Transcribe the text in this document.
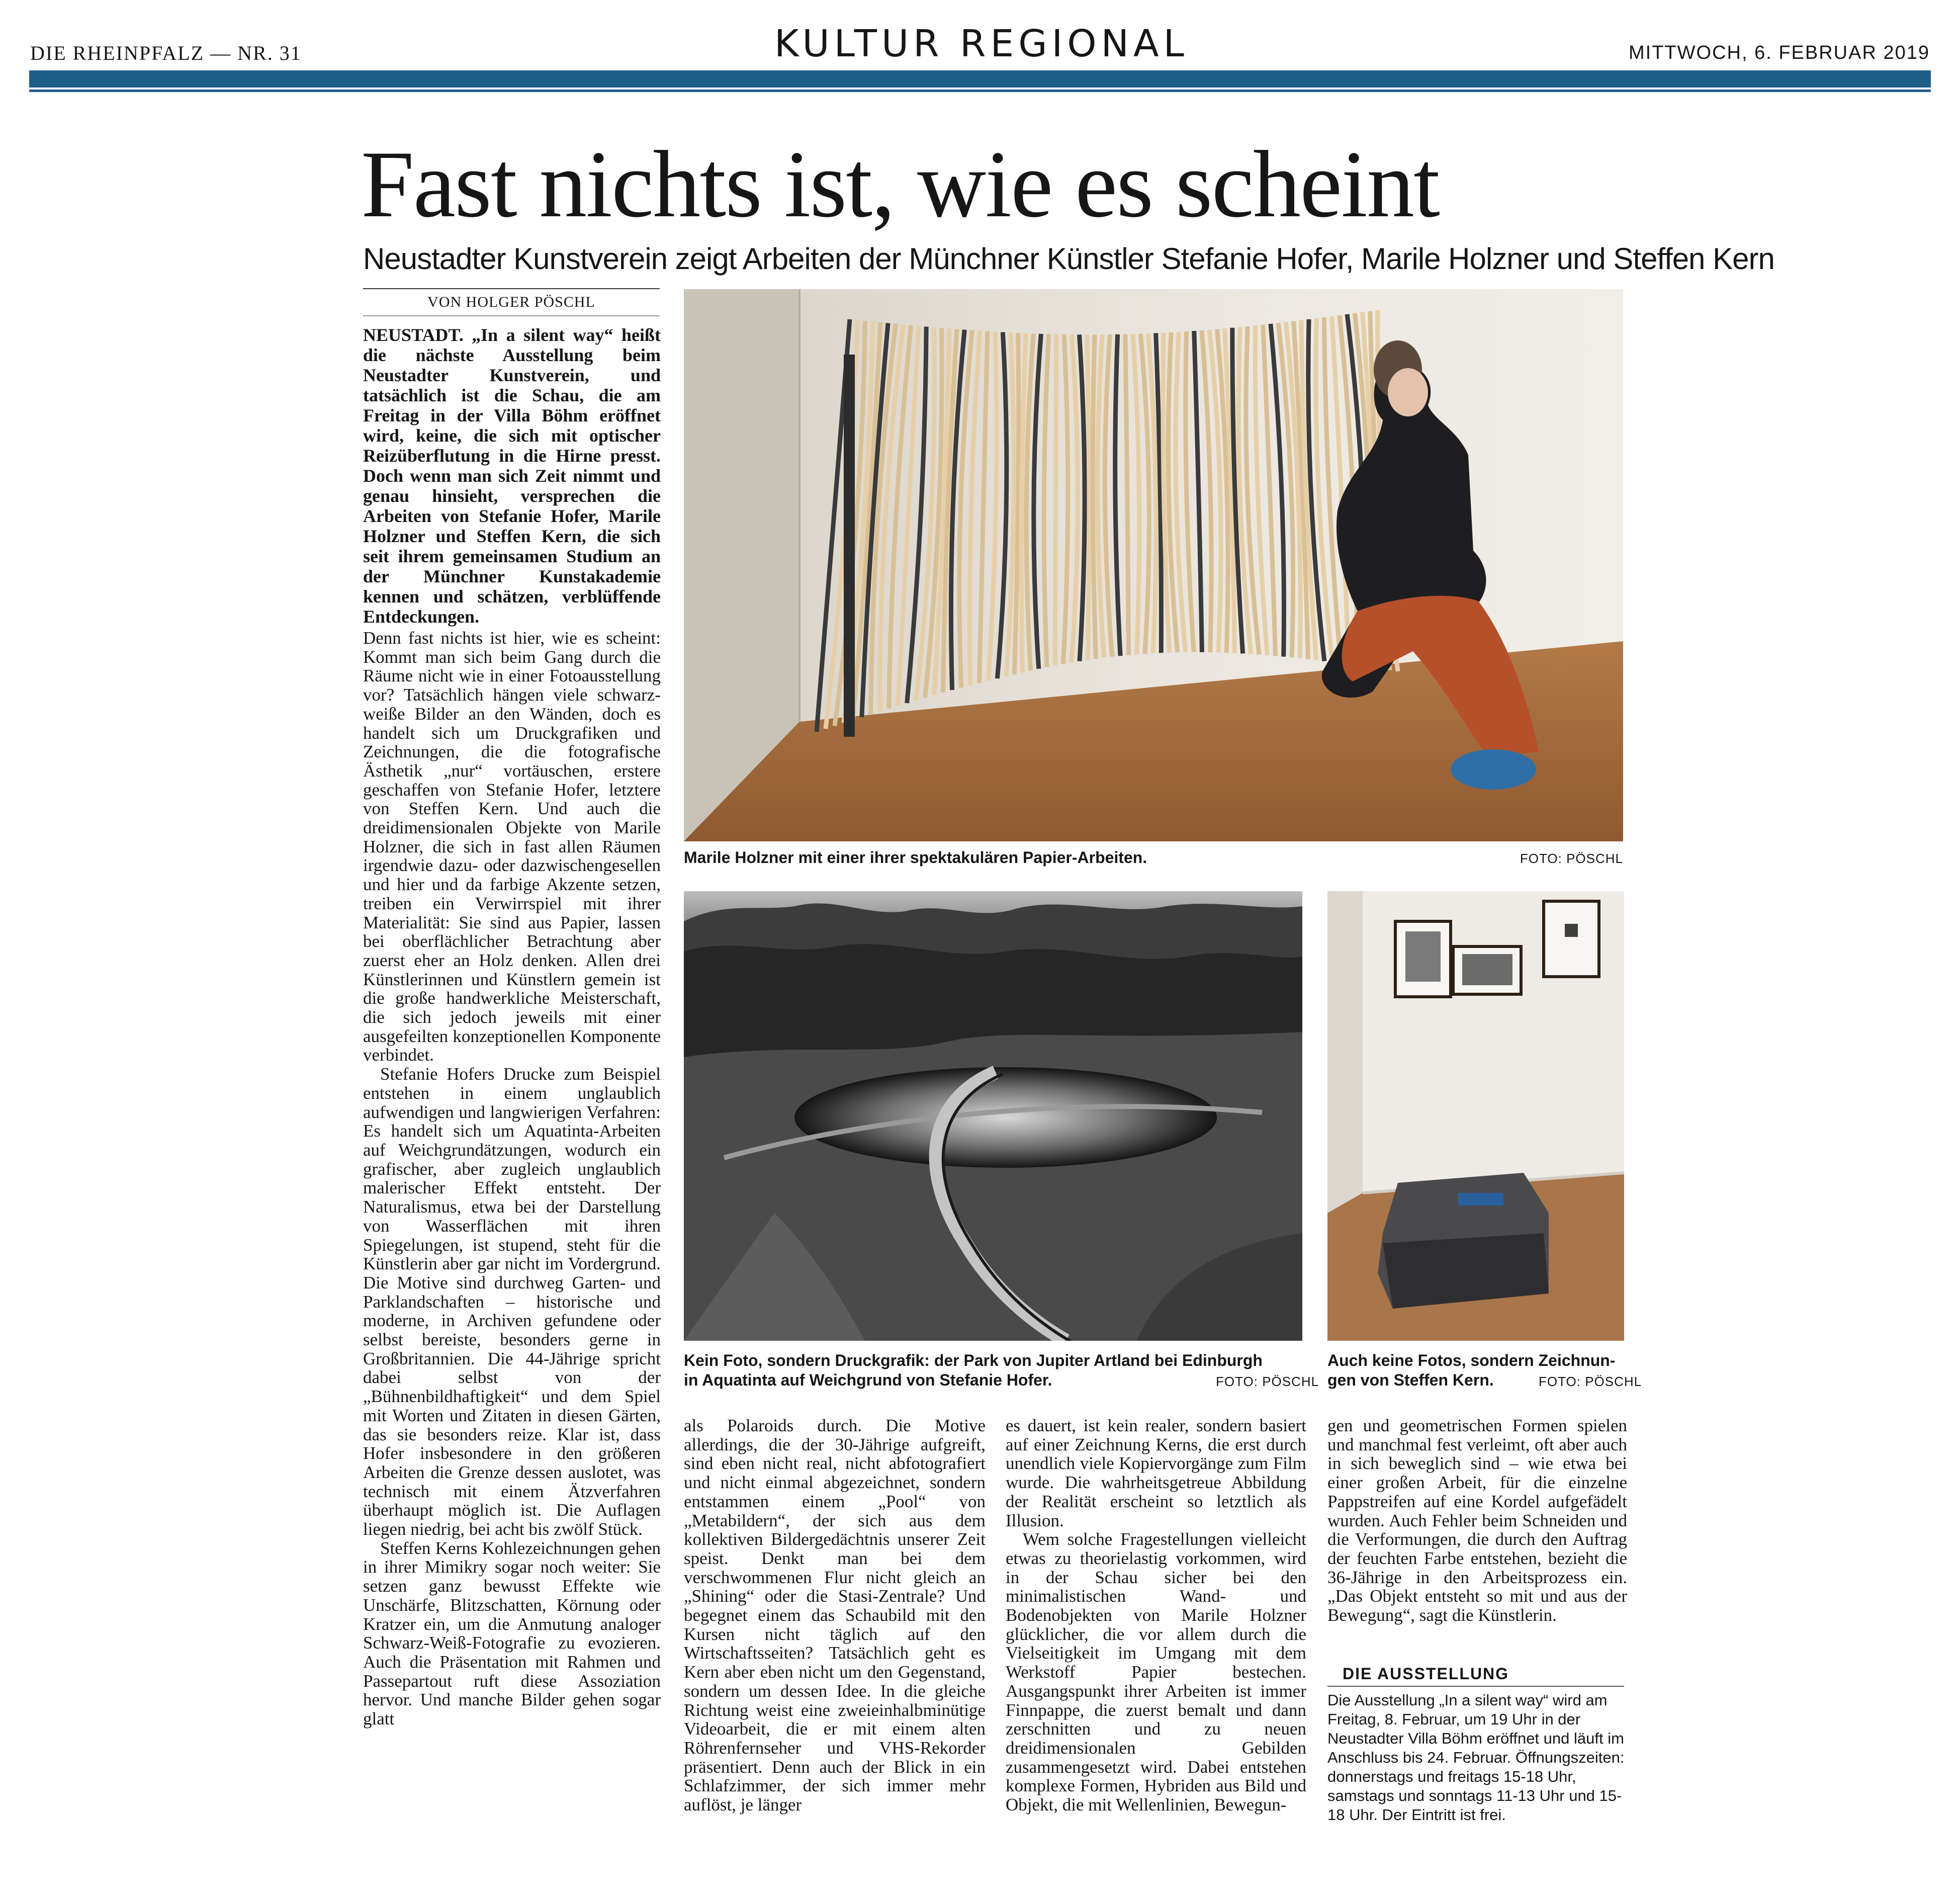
DIE RHEINPFALZ — NR. 31	KULTUR REGIONAL	MITTWOCH, 6. FEBRUAR 2019
Fast nichts ist, wie es scheint
Neustadter Kunstverein zeigt Arbeiten der Münchner Künstler Stefanie Hofer, Marile Holzner und Steffen Kern
VON HOLGER PÖSCHL
NEUSTADT. „In a silent way“ heißt die nächste Ausstellung beim Neustadter Kunstverein, und tatsächlich ist die Schau, die am Freitag in der Villa Böhm eröffnet wird, keine, die sich mit optischer Reizüberflutung in die Hirne presst. Doch wenn man sich Zeit nimmt und genau hinsieht, versprechen die Arbeiten von Stefanie Hofer, Marile Holzner und Steffen Kern, die sich seit ihrem gemeinsamen Studium an der Münchner Kunstakademie kennen und schätzen, verblüffende Entdeckungen.

Denn fast nichts ist hier, wie es scheint: Kommt man sich beim Gang durch die Räume nicht wie in einer Fotoausstellung vor? Tatsächlich hängen viele schwarz-weiße Bilder an den Wänden, doch es handelt sich um Druckgrafiken und Zeichnungen, die die fotografische Ästhetik „nur“ vortäuschen, erstere geschaffen von Stefanie Hofer, letztere von Steffen Kern. Und auch die dreidimensionalen Objekte von Marile Holzner, die sich in fast allen Räumen irgendwie dazu- oder dazwischengesellen und hier und da farbige Akzente setzen, treiben ein Verwirrspiel mit ihrer Materialität: Sie sind aus Papier, lassen bei oberflächlicher Betrachtung aber zuerst eher an Holz denken. Allen drei Künstlerinnen und Künstlern gemein ist die große handwerkliche Meisterschaft, die sich jedoch jeweils mit einer ausgefeilten konzeptionellen Komponente verbindet.

Stefanie Hofers Drucke zum Beispiel entstehen in einem unglaublich aufwendigen und langwierigen Verfahren: Es handelt sich um Aquatinta-Arbeiten auf Weichgrundätzungen, wodurch ein grafischer, aber zugleich unglaublich malerischer Effekt entsteht. Der Naturalismus, etwa bei der Darstellung von Wasserflächen mit ihren Spiegelungen, ist stupend, steht für die Künstlerin aber gar nicht im Vordergrund. Die Motive sind durchweg Garten- und Parklandschaften – historische und moderne, in Archiven gefundene oder selbst bereiste, besonders gerne in Großbritannien. Die 44-Jährige spricht dabei selbst von der „Bühnenbildhaftigkeit“ und dem Spiel mit Worten und Zitaten in diesen Gärten, das sie besonders reize. Klar ist, dass Hofer insbesondere in den größeren Arbeiten die Grenze dessen auslotet, was technisch mit einem Ätzverfahren überhaupt möglich ist. Die Auflagen liegen niedrig, bei acht bis zwölf Stück.

Steffen Kerns Kohlezeichnungen gehen in ihrer Mimikry sogar noch weiter: Sie setzen ganz bewusst Effekte wie Unschärfe, Blitzschatten, Körnung oder Kratzer ein, um die Anmutung analoger Schwarz-Weiß-Fotografie zu evozieren. Auch die Präsentation mit Rahmen und Passepartout ruft diese Assoziation hervor. Und manche Bilder gehen sogar glatt

Marile Holzner mit einer ihrer spektakulären Papier-Arbeiten.	FOTO: PÖSCHL
Kein Foto, sondern Druckgrafik: der Park von Jupiter Artland bei Edinburgh
in Aquatinta auf Weichgrund von Stefanie Hofer.	FOTO: PÖSCHL
Auch keine Fotos, sondern Zeichnun-
gen von Steffen Kern.	FOTO: PÖSCHL

als Polaroids durch. Die Motive allerdings, die der 30-Jährige aufgreift, sind eben nicht real, nicht abfotografiert und nicht einmal abgezeichnet, sondern entstammen einem „Pool“ von „Metabildern“, der sich aus dem kollektiven Bildergedächtnis unserer Zeit speist. Denkt man bei dem verschwommenen Flur nicht gleich an „Shining“ oder die Stasi-Zentrale? Und begegnet einem das Schaubild mit den Kursen nicht täglich auf den Wirtschaftsseiten? Tatsächlich geht es Kern aber eben nicht um den Gegenstand, sondern um dessen Idee. In die gleiche Richtung weist eine zweieinhalbminütige Videoarbeit, die er mit einem alten Röhrenfernseher und VHS-Rekorder präsentiert. Denn auch der Blick in ein Schlafzimmer, der sich immer mehr auflöst, je länger

es dauert, ist kein realer, sondern basiert auf einer Zeichnung Kerns, die erst durch unendlich viele Kopiervorgänge zum Film wurde. Die wahrheitsgetreue Abbildung der Realität erscheint so letztlich als Illusion.

Wem solche Fragestellungen vielleicht etwas zu theorielastig vorkommen, wird in der Schau sicher bei den minimalistischen Wand- und Bodenobjekten von Marile Holzner glücklicher, die vor allem durch die Vielseitigkeit im Umgang mit dem Werkstoff Papier bestechen. Ausgangspunkt ihrer Arbeiten ist immer Finnpappe, die zuerst bemalt und dann zerschnitten und zu neuen dreidimensionalen Gebilden zusammengesetzt wird. Dabei entstehen komplexe Formen, Hybriden aus Bild und Objekt, die mit Wellenlinien, Bewegun-

gen und geometrischen Formen spielen und manchmal fest verleimt, oft aber auch in sich beweglich sind – wie etwa bei einer großen Arbeit, für die einzelne Pappstreifen auf eine Kordel aufgefädelt wurden. Auch Fehler beim Schneiden und die Verformungen, die durch den Auftrag der feuchten Farbe entstehen, bezieht die 36-Jährige in den Arbeitsprozess ein. „Das Objekt entsteht so mit und aus der Bewegung“, sagt die Künstlerin.

DIE AUSSTELLUNG
Die Ausstellung „In a silent way“ wird am Freitag, 8. Februar, um 19 Uhr in der Neustadter Villa Böhm eröffnet und läuft im Anschluss bis 24. Februar. Öffnungszeiten: donnerstags und freitags 15-18 Uhr, samstags und sonntags 11-13 Uhr und 15-18 Uhr. Der Eintritt ist frei.
